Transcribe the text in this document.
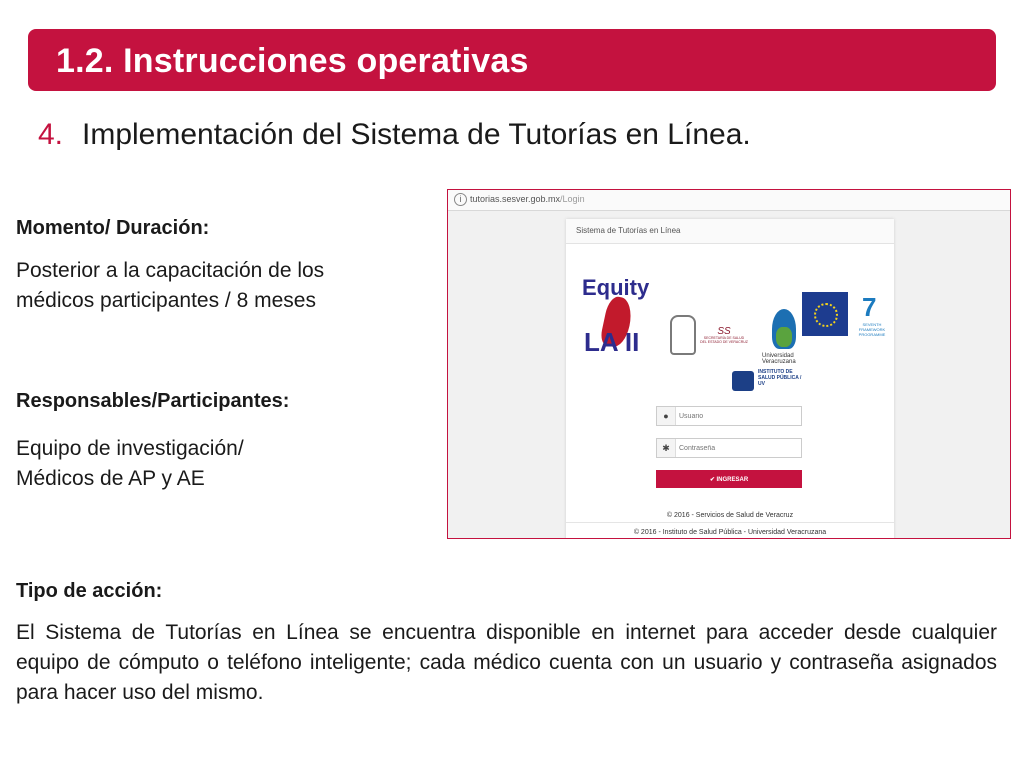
1.2. Instrucciones operativas
4. Implementación del Sistema de Tutorías en Línea.
Momento/ Duración:
Posterior a la capacitación de los
médicos participantes / 8 meses
Responsables/Participantes:
Equipo de investigación/
Médicos de AP y AE
Tipo de acción:
El Sistema de Tutorías en Línea se encuentra disponible en internet para acceder desde cualquier equipo de cómputo o teléfono inteligente; cada médico cuenta con un usuario y contraseña asignados para hacer uso del mismo.
i tutorias.sesver.gob.mx/Login
Sistema de Tutorías en Línea
Equity
LA II	SS
SECRETARÍA DE SALUD DEL ESTADO DE VERACRUZ
Universidad Veracruzana
7
SEVENTH FRAMEWORK PROGRAMME
INSTITUTO DE SALUD PÚBLICA / UV
●
Usuario
✱
✔ INGRESAR
© 2016 - Servicios de Salud de Veracruz
© 2016 - Instituto de Salud Pública - Universidad Veracruzana
